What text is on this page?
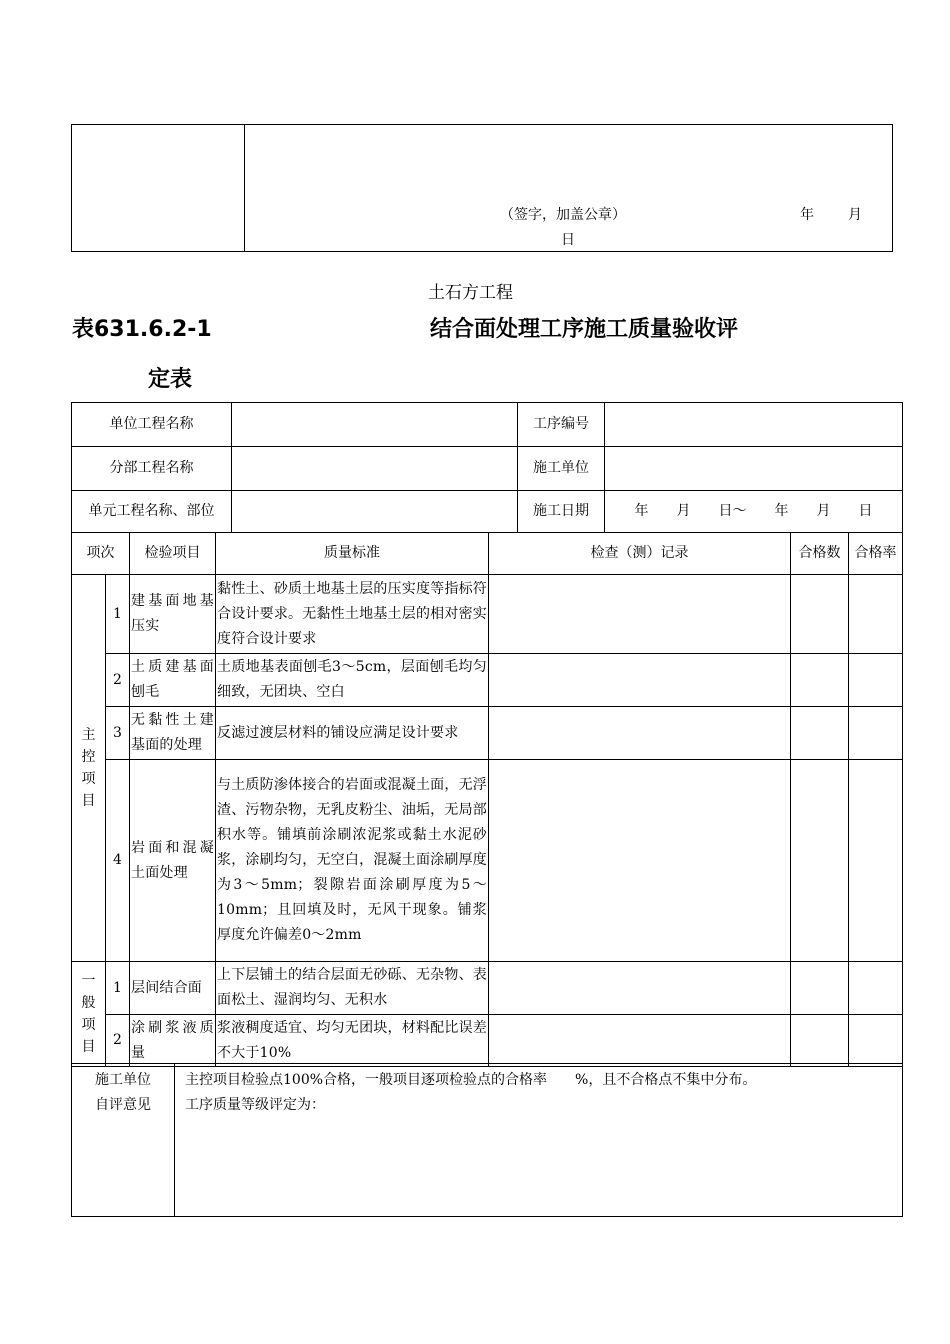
（签字，加盖公章）	年 月
日
土石方工程
表631.6.2-1	结合面处理工序施工质量验收评
定表
单位工程名称		工序编号	
分部工程名称		施工单位	
单元工程名称、部位		施工日期	年　　月　　日～　　年　　月　　日
项次		检验项目	质量标准	检查（测）记录	合格数	合格率

主控项目	1	建基面地基压实	黏性土、砂质土地基土层的压实度等指标符合设计要求。无黏性土地基土层的相对密实度符合设计要求			
	2	土质建基面刨毛	土质地基表面刨毛3～5cm，层面刨毛均匀细致，无团块、空白			
	3	无黏性土建基面的处理	反滤过渡层材料的铺设应满足设计要求			
	4	岩面和混凝土面处理	与土质防渗体接合的岩面或混凝土面，无浮渣、污物杂物，无乳皮粉尘、油垢，无局部积水等。铺填前涂刷浓泥浆或黏土水泥砂浆，涂刷均匀，无空白，混凝土面涂刷厚度为3～5mm；裂隙岩面涂刷厚度为5～10mm；且回填及时，无风干现象。铺浆厚度允许偏差0～2mm			

一般项目	1	层间结合面	上下层铺土的结合层面无砂砾、无杂物、表面松土、湿润均匀、无积水			
	2	涂刷浆液质量	浆液稠度适宜、均匀无团块，材料配比误差不大于10%			
施工单位
自评意见

主控项目检验点100%合格，一般项目逐项检验点的合格率　　%，且不合格点不集中分布。
工序质量等级评定为：
